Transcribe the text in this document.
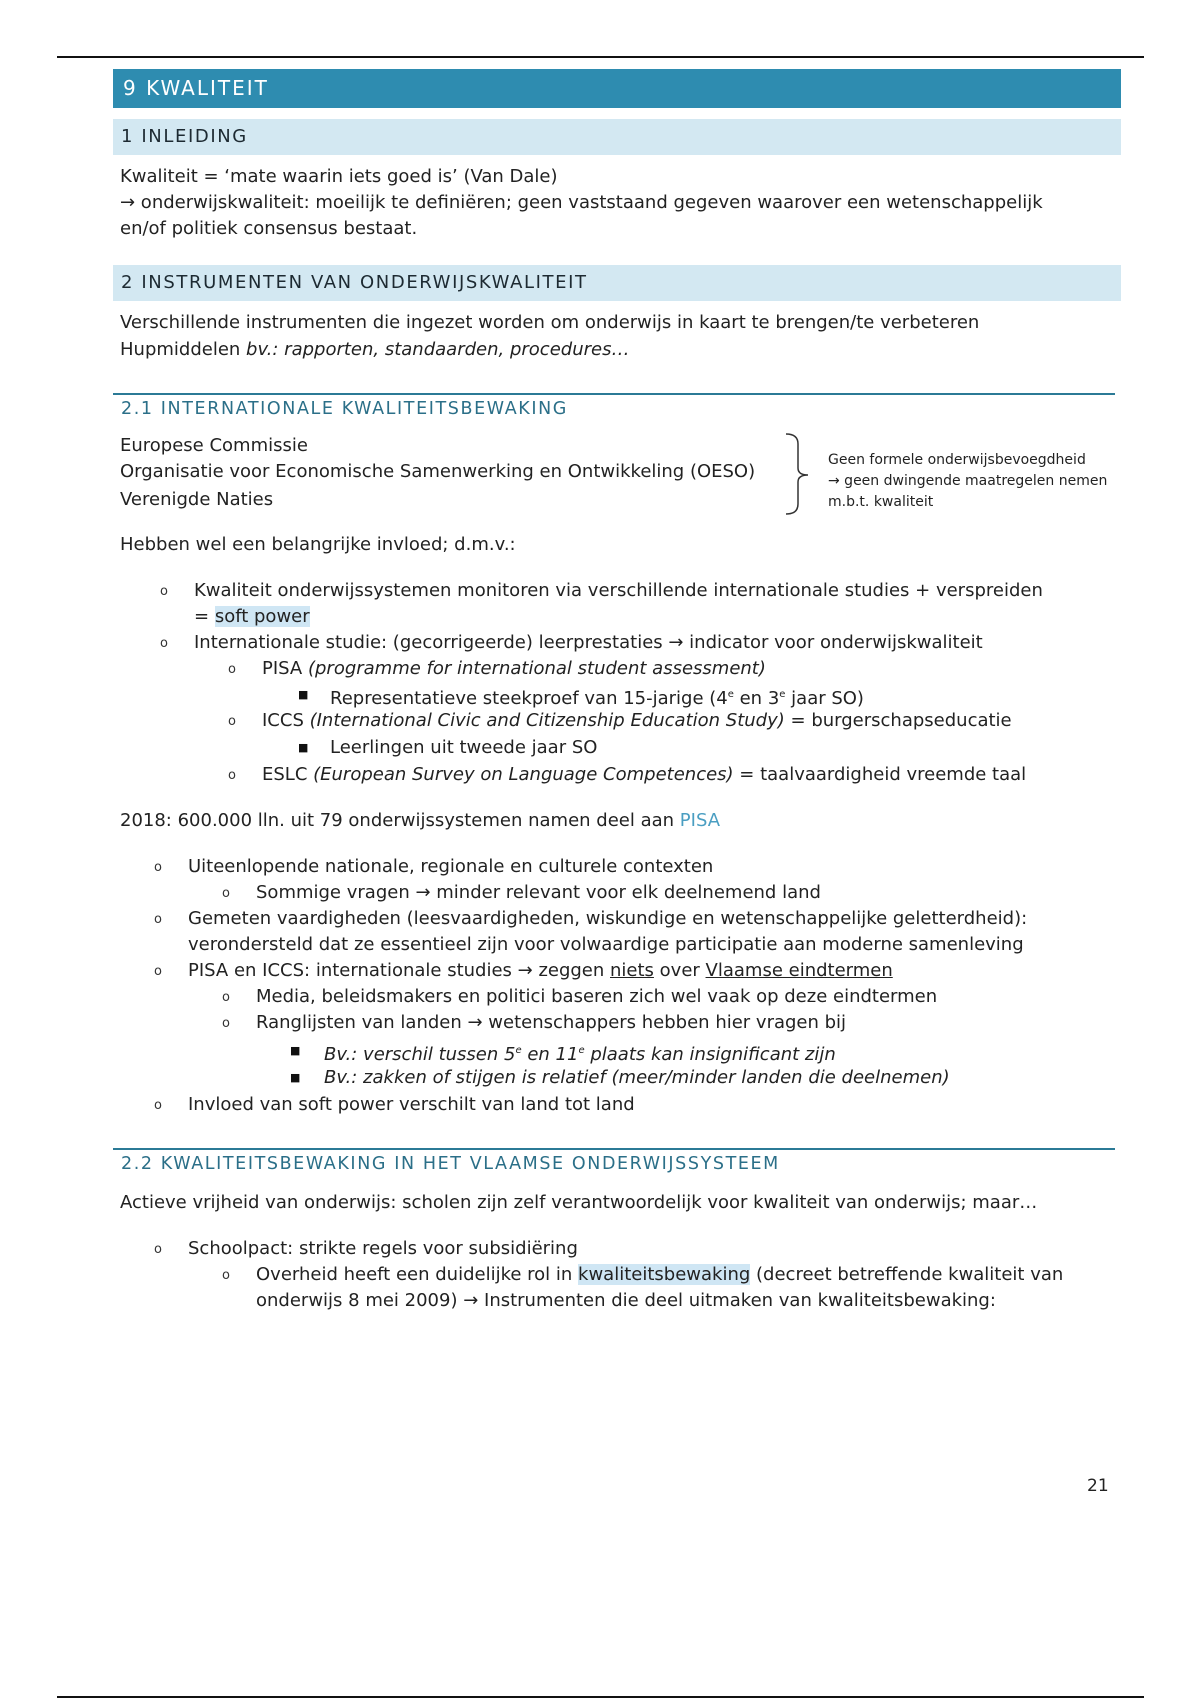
9 KWALITEIT
1 INLEIDING
Kwaliteit = ‘mate waarin iets goed is’ (Van Dale)
→ onderwijskwaliteit: moeilijk te definiëren; geen vaststaand gegeven waarover een wetenschappelijk
en/of politiek consensus bestaat.
2 INSTRUMENTEN VAN ONDERWIJSKWALITEIT
Verschillende instrumenten die ingezet worden om onderwijs in kaart te brengen/te verbeteren
Hupmiddelen bv.: rapporten, standaarden, procedures…
2.1 INTERNATIONALE KWALITEITSBEWAKING
Europese Commissie
Organisatie voor Economische Samenwerking en Ontwikkeling (OESO)
Verenigde Naties
Geen formele onderwijsbevoegdheid
→ geen dwingende maatregelen nemen
m.b.t. kwaliteit
Hebben wel een belangrijke invloed; d.m.v.:
o Kwaliteit onderwijssystemen monitoren via verschillende internationale studies + verspreiden
= soft power
o Internationale studie: (gecorrigeerde) leerprestaties → indicator voor onderwijskwaliteit
o PISA (programme for international student assessment)
■ Representatieve steekproef van 15-jarige (4e en 3e jaar SO)
o ICCS (International Civic and Citizenship Education Study) = burgerschapseducatie
■ Leerlingen uit tweede jaar SO
o ESLC (European Survey on Language Competences) = taalvaardigheid vreemde taal
2018: 600.000 lln. uit 79 onderwijssystemen namen deel aan PISA
o Uiteenlopende nationale, regionale en culturele contexten
o Sommige vragen → minder relevant voor elk deelnemend land
o Gemeten vaardigheden (leesvaardigheden, wiskundige en wetenschappelijke geletterdheid):
verondersteld dat ze essentieel zijn voor volwaardige participatie aan moderne samenleving
o PISA en ICCS: internationale studies → zeggen niets over Vlaamse eindtermen
o Media, beleidsmakers en politici baseren zich wel vaak op deze eindtermen
o Ranglijsten van landen → wetenschappers hebben hier vragen bij
■ Bv.: verschil tussen 5e en 11e plaats kan insignificant zijn
■ Bv.: zakken of stijgen is relatief (meer/minder landen die deelnemen)
o Invloed van soft power verschilt van land tot land
2.2 KWALITEITSBEWAKING IN HET VLAAMSE ONDERWIJSSYSTEEM
Actieve vrijheid van onderwijs: scholen zijn zelf verantwoordelijk voor kwaliteit van onderwijs; maar…
o Schoolpact: strikte regels voor subsidiëring
o Overheid heeft een duidelijke rol in kwaliteitsbewaking (decreet betreffende kwaliteit van
onderwijs 8 mei 2009) → Instrumenten die deel uitmaken van kwaliteitsbewaking:
21
